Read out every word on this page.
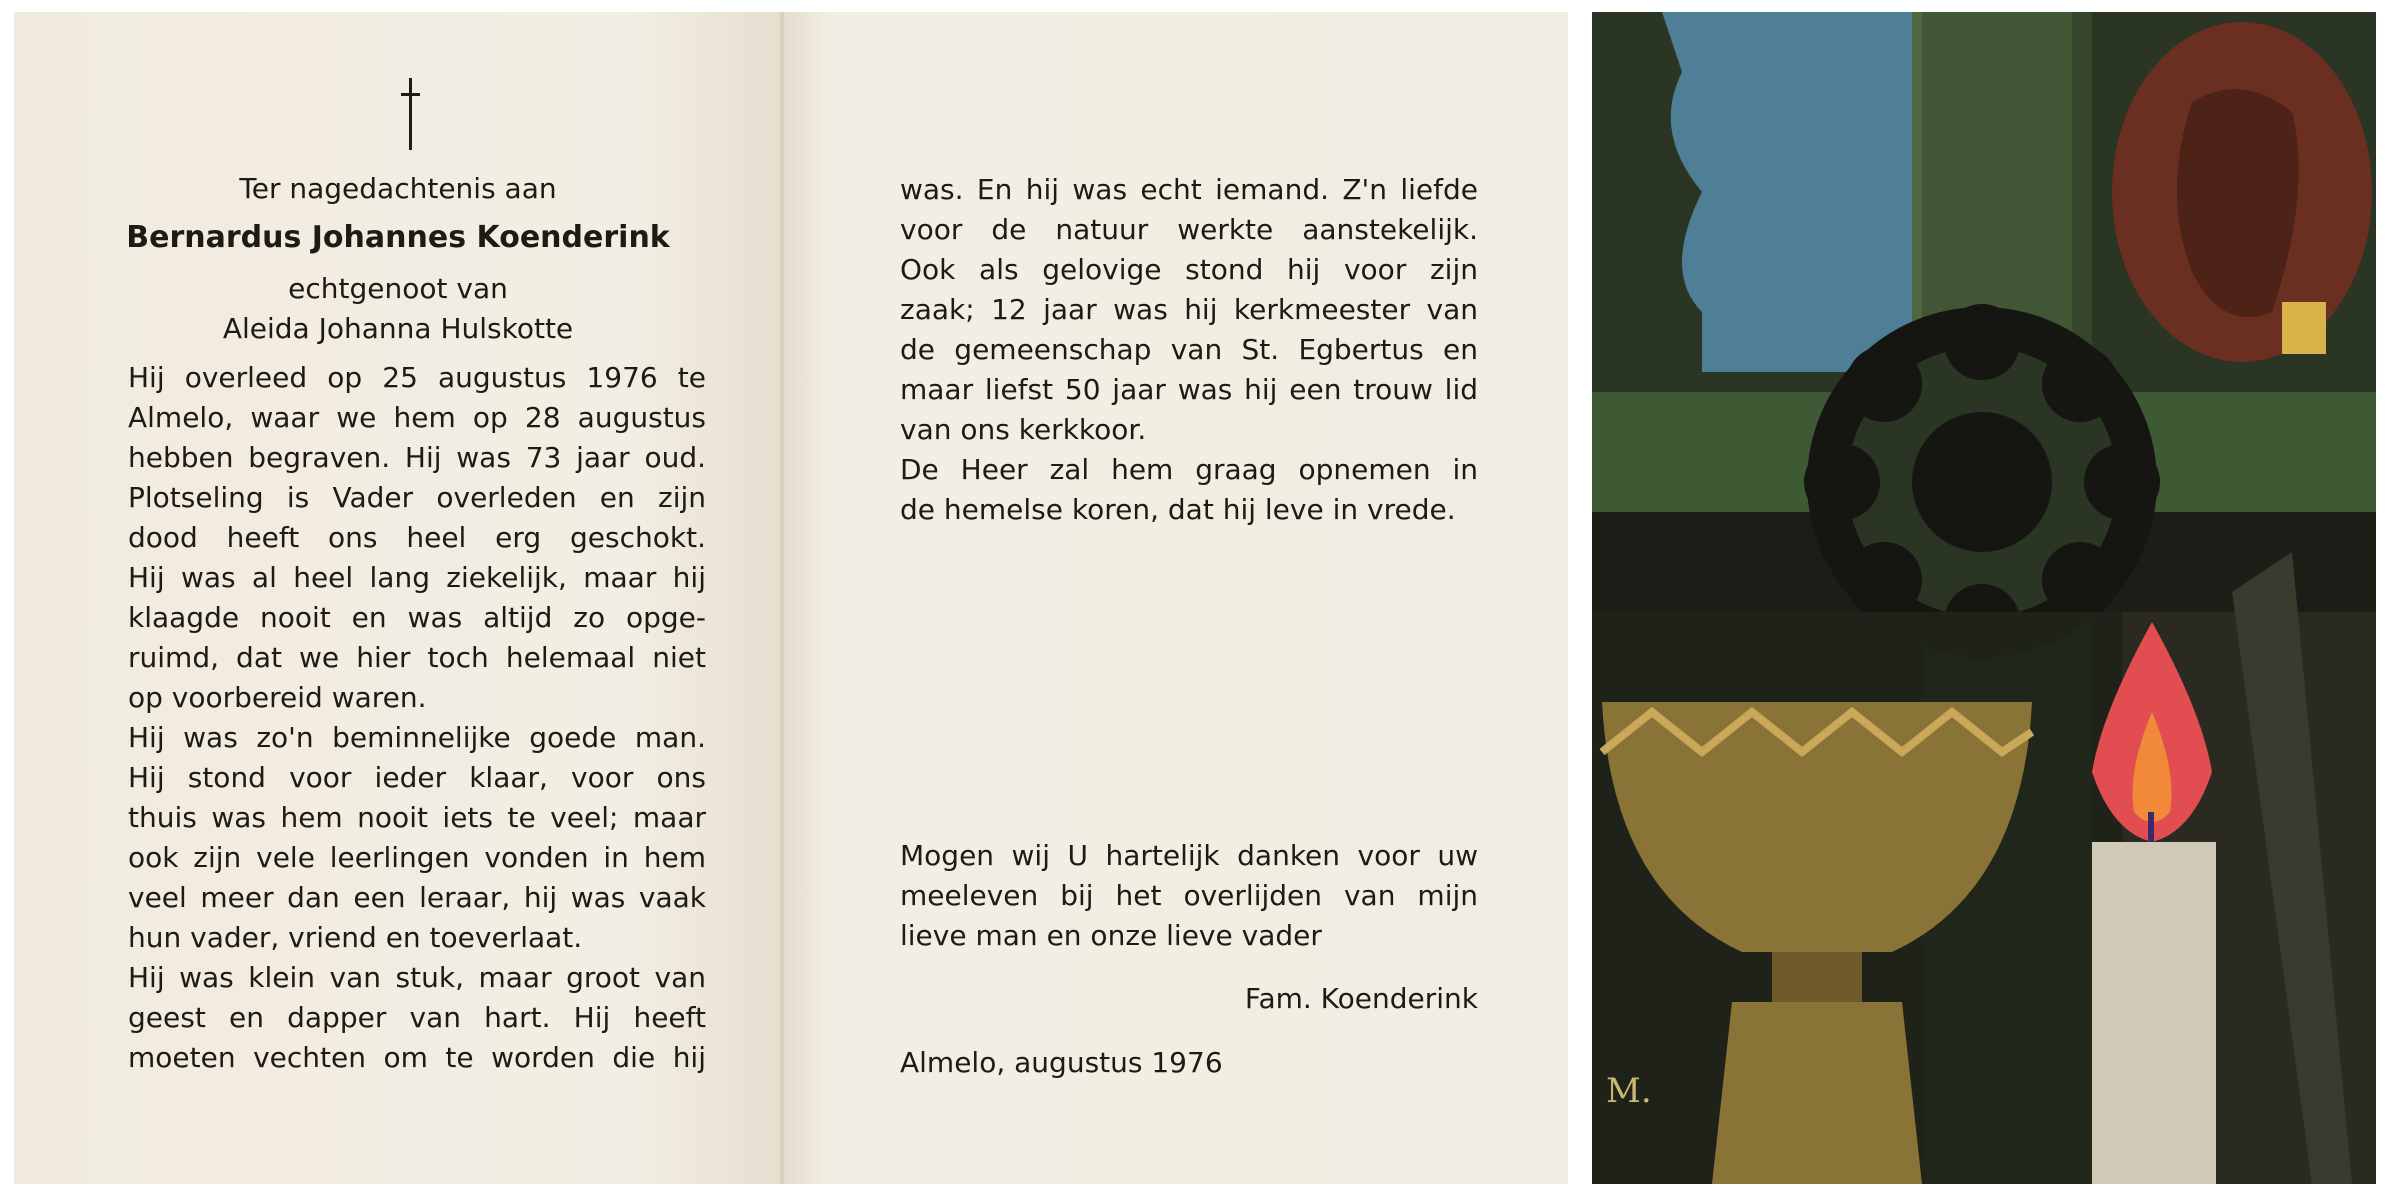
Ter nagedachtenis aan
Bernardus Johannes Koenderink
echtgenoot van
Aleida Johanna Hulskotte
Hij overleed op 25 augustus 1976 te
Almelo, waar we hem op 28 augustus
hebben begraven. Hij was 73 jaar oud.
Plotseling is Vader overleden en zijn
dood heeft ons heel erg geschokt.
Hij was al heel lang ziekelijk, maar hij
klaagde nooit en was altijd zo opge-
ruimd, dat we hier toch helemaal niet
op voorbereid waren.
Hij was zo'n beminnelijke goede man.
Hij stond voor ieder klaar, voor ons
thuis was hem nooit iets te veel; maar
ook zijn vele leerlingen vonden in hem
veel meer dan een leraar, hij was vaak
hun vader, vriend en toeverlaat.
Hij was klein van stuk, maar groot van
geest en dapper van hart. Hij heeft
moeten vechten om te worden die hij
was. En hij was echt iemand. Z'n liefde
voor de natuur werkte aanstekelijk.
Ook als gelovige stond hij voor zijn
zaak; 12 jaar was hij kerkmeester van
de gemeenschap van St. Egbertus en
maar liefst 50 jaar was hij een trouw lid
van ons kerkkoor.
De Heer zal hem graag opnemen in
de hemelse koren, dat hij leve in vrede.
Mogen wij U hartelijk danken voor uw
meeleven bij het overlijden van mijn
lieve man en onze lieve vader
Fam. Koenderink
Almelo, augustus 1976
M.
